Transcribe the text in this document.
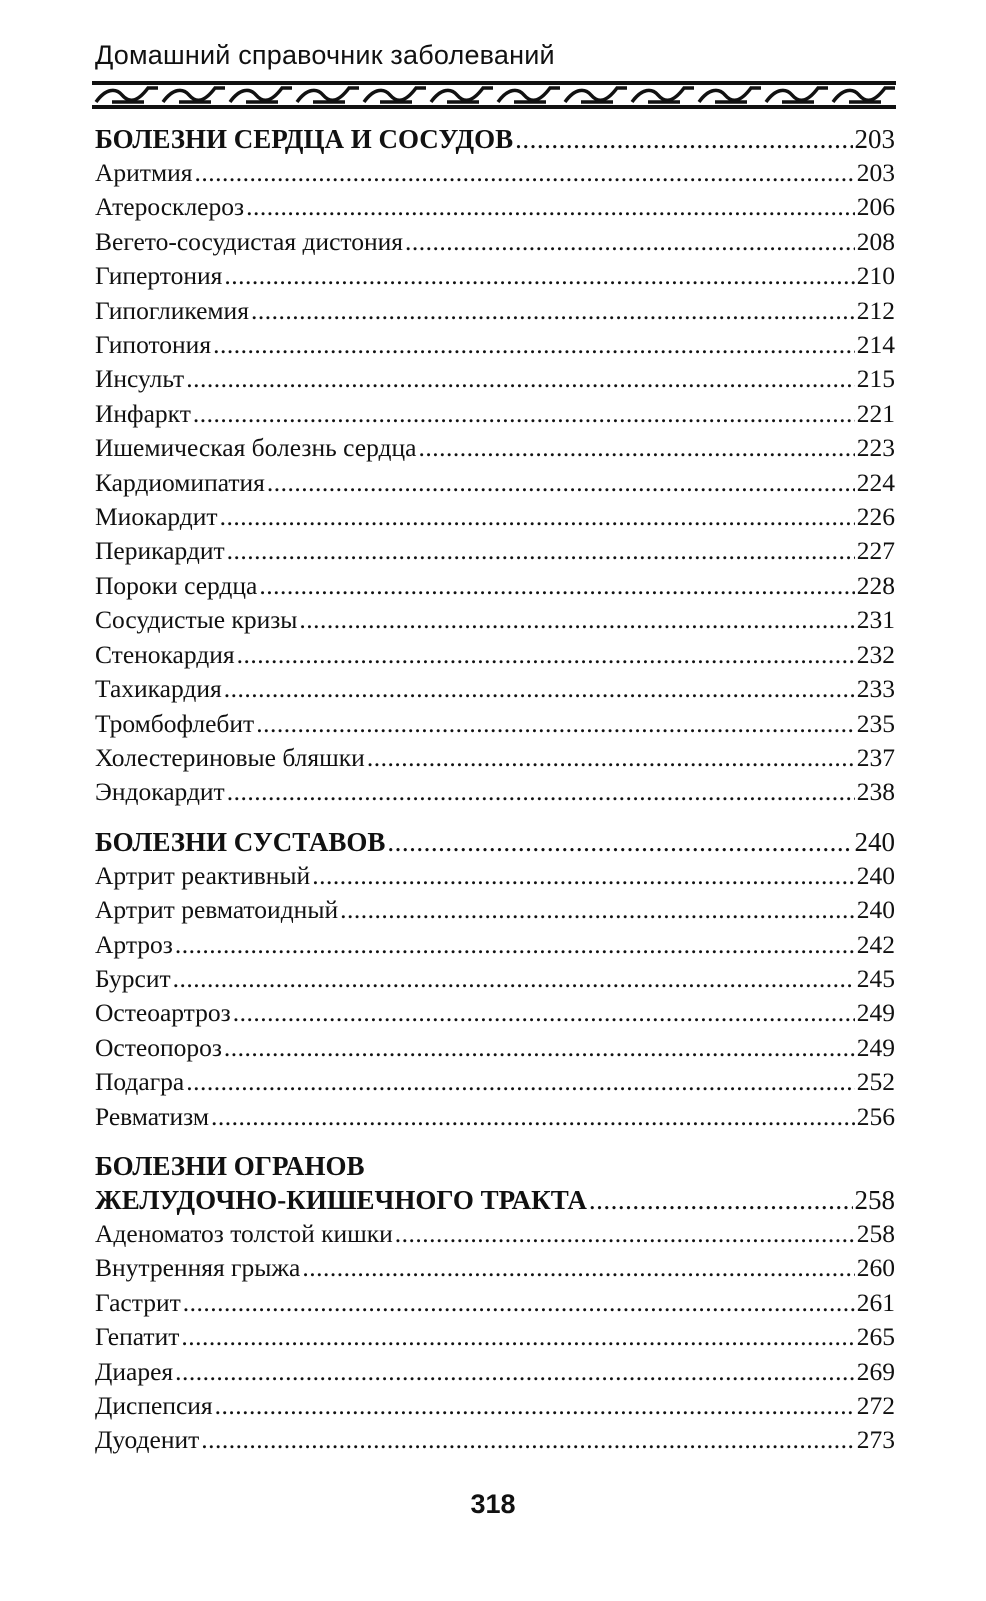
Домашний справочник заболеваний
БОЛЕЗНИ СЕРДЦА И СОСУДОВ .....	203
Аритмия .....	203
Атеросклероз .....	206
Вегето-сосудистая дистония .....	208
Гипертония .....	210
Гипогликемия .....	212
Гипотония .....	214
Инсульт .....	215
Инфаркт .....	221
Ишемическая болезнь сердца .....	223
Кардиомипатия .....	224
Миокардит .....	226
Перикардит .....	227
Пороки сердца .....	228
Сосудистые кризы .....	231
Стенокардия .....	232
Тахикардия .....	233
Тромбофлебит .....	235
Холестериновые бляшки .....	237
Эндокардит .....	238
БОЛЕЗНИ СУСТАВОВ .....	240
Артрит реактивный .....	240
Артрит ревматоидный .....	240
Артроз .....	242
Бурсит .....	245
Остеоартроз .....	249
Остеопороз .....	249
Подагра .....	252
Ревматизм .....	256
БОЛЕЗНИ ОГРАНОВ
ЖЕЛУДОЧНО-КИШЕЧНОГО ТРАКТА .....	258
Аденоматоз толстой кишки .....	258
Внутренняя грыжа .....	260
Гастрит .....	261
Гепатит .....	265
Диарея .....	269
Диспепсия .....	272
Дуоденит .....	273
318
